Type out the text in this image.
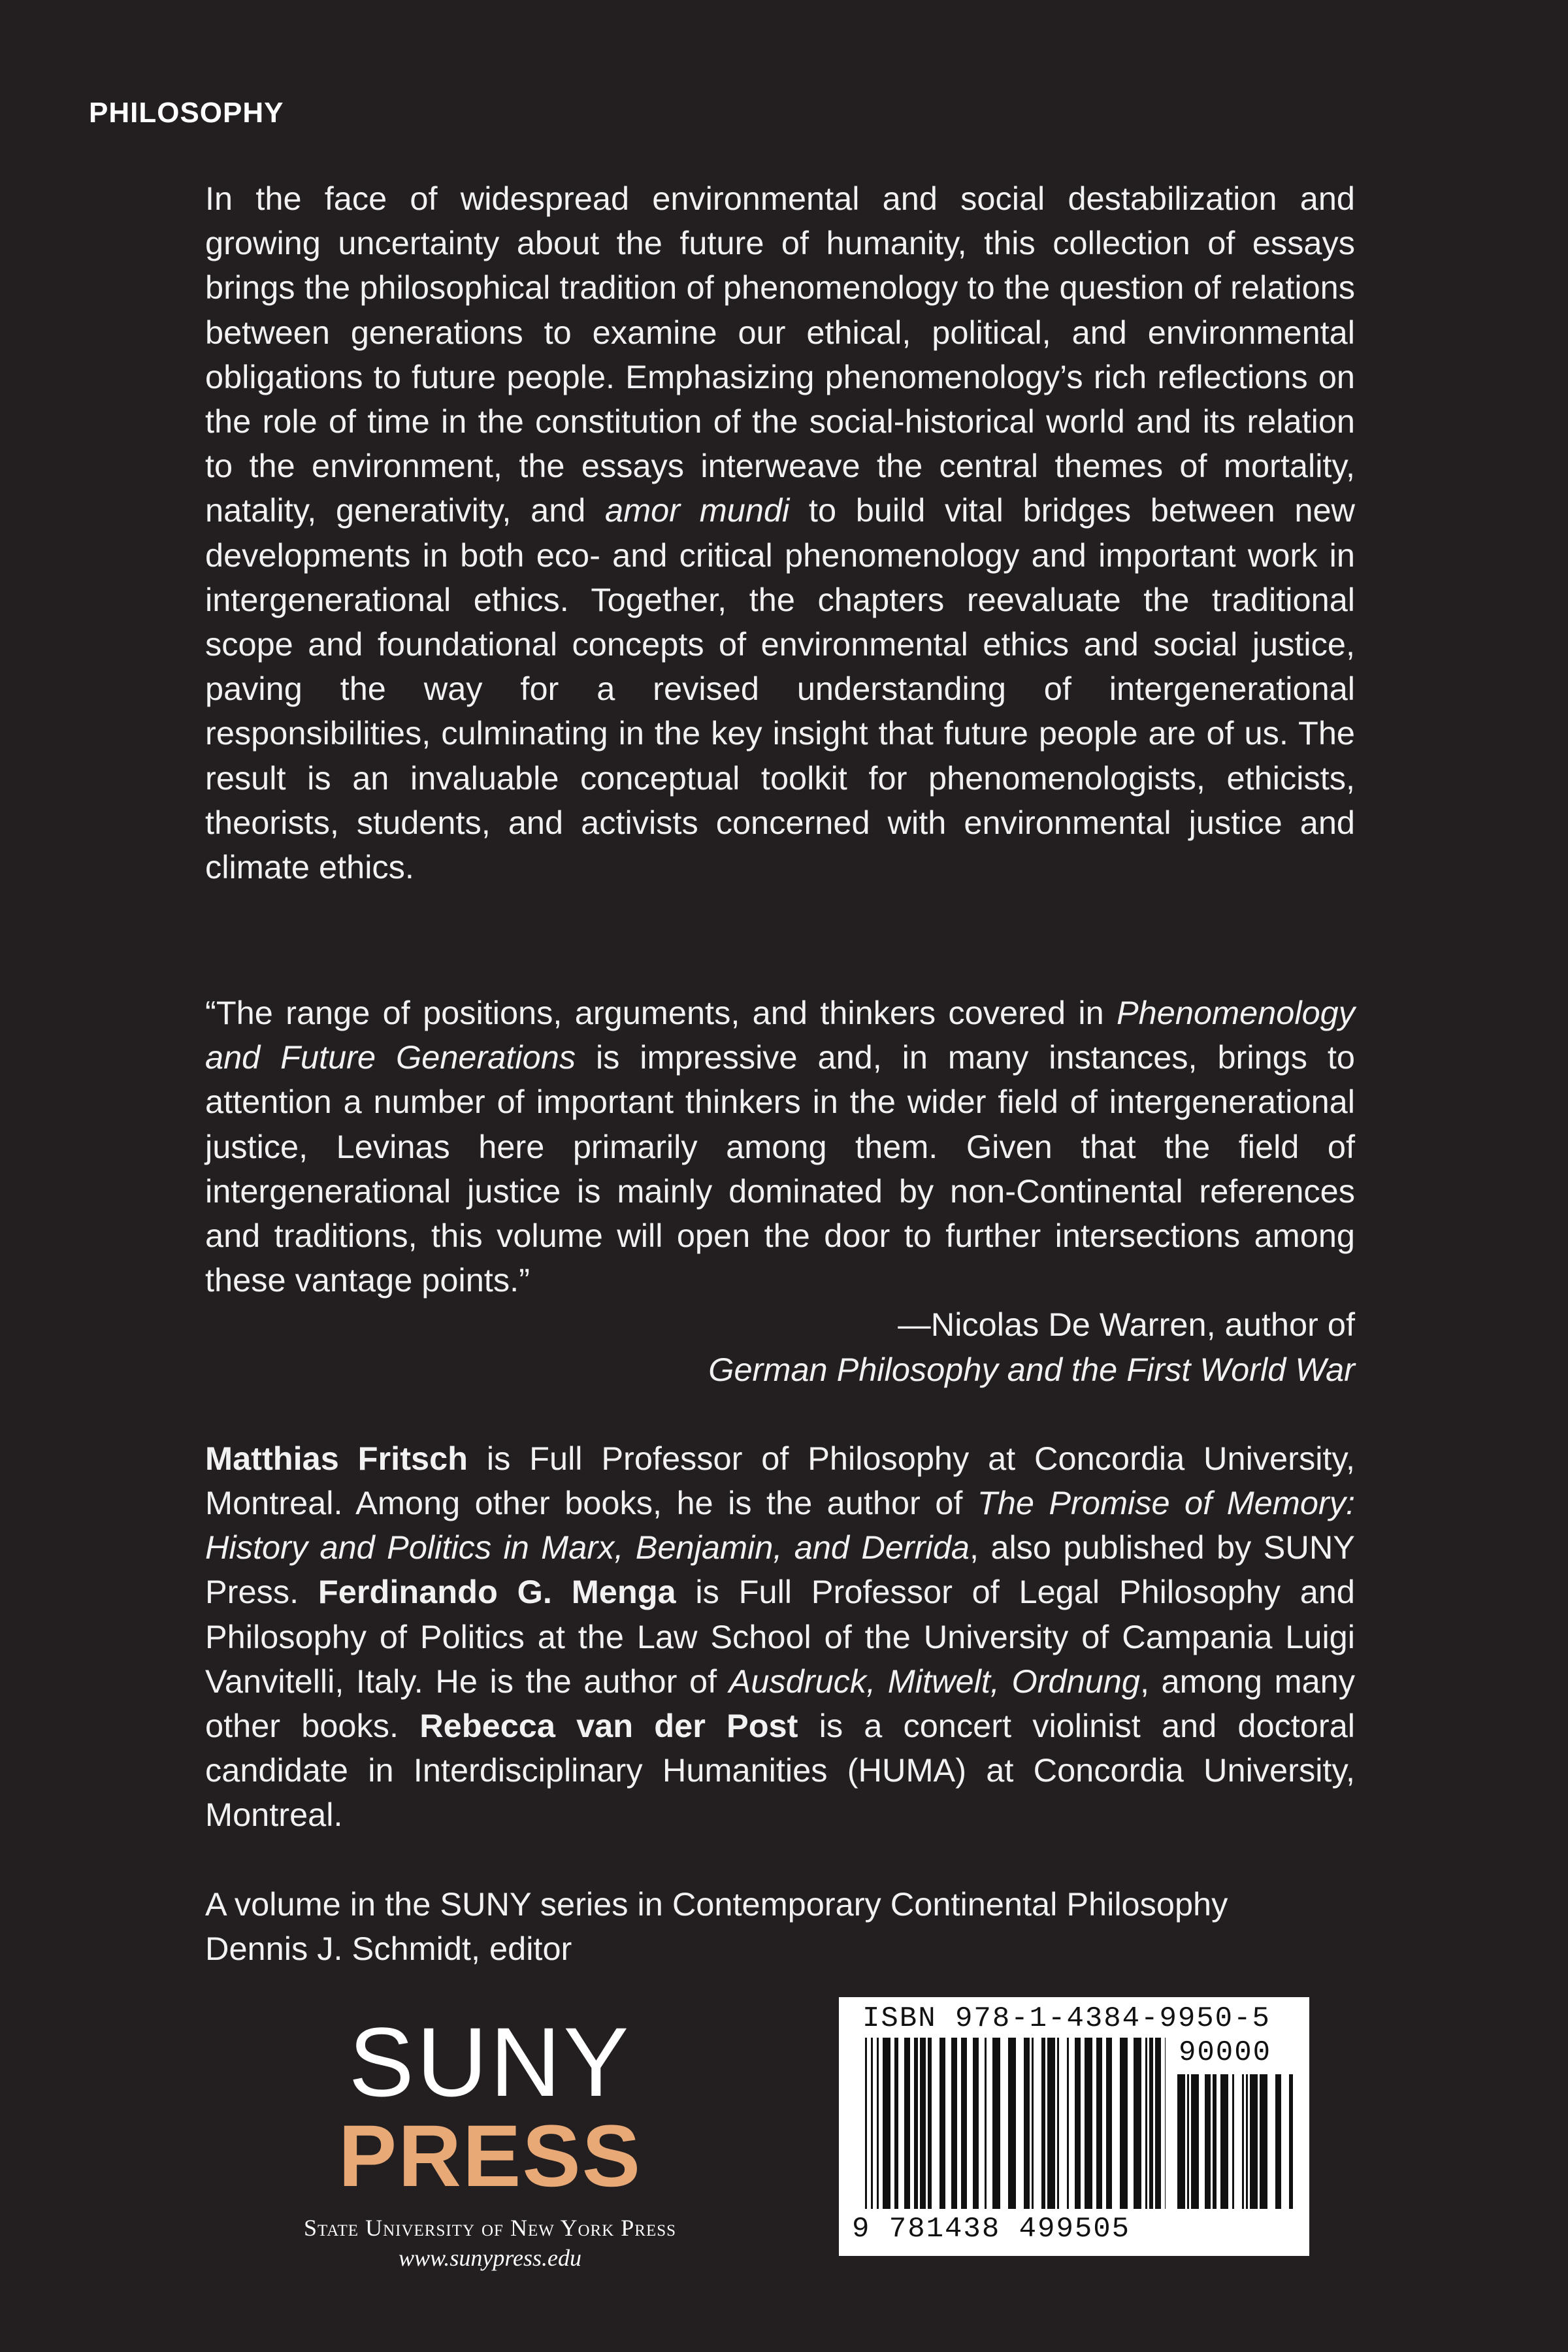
PHILOSOPHY

In the face of widespread environmental and social destabilization and growing uncertainty about the future of humanity, this collection of essays brings the philosophical tradition of phenomenology to the question of relations between generations to examine our ethical, political, and environmental obligations to future people. Emphasizing phenomenology’s rich reflections on the role of time in the constitution of the social-historical world and its relation to the environment, the essays interweave the central themes of mortality, natality, generativity, and amor mundi to build vital bridges between new developments in both eco- and critical phenomenology and important work in intergenerational ethics. Together, the chapters reevaluate the traditional scope and foundational concepts of environmental ethics and social justice, paving the way for a revised understanding of intergenerational responsibilities, culminating in the key insight that future people are of us. The result is an invaluable conceptual toolkit for phenomenologists, ethicists, theorists, students, and activists concerned with environmental justice and climate ethics.

“The range of positions, arguments, and thinkers covered in Phenomenology and Future Generations is impressive and, in many instances, brings to attention a number of important thinkers in the wider field of intergenerational justice, Levinas here primarily among them. Given that the field of intergenerational justice is mainly dominated by non-Continental references and traditions, this volume will open the door to further intersections among these vantage points.”

—Nicolas De Warren, author of

German Philosophy and the First World War

Matthias Fritsch is Full Professor of Philosophy at Concordia University, Montreal. Among other books, he is the author of The Promise of Memory: History and Politics in Marx, Benjamin, and Derrida, also published by SUNY Press. Ferdinando G. Menga is Full Professor of Legal Philosophy and Philosophy of Politics at the Law School of the University of Campania Luigi Vanvitelli, Italy. He is the author of Ausdruck, Mitwelt, Ordnung, among many other books. Rebecca van der Post is a concert violinist and doctoral candidate in Interdisciplinary Humanities (HUMA) at Concordia University, Montreal.

A volume in the SUNY series in Contemporary Continental Philosophy
Dennis J. Schmidt, editor
SUNY
PRESS
State University of New York Press
www.sunypress.edu
ISBN 978-1-4384-9950-5
90000
9 781438 499505
